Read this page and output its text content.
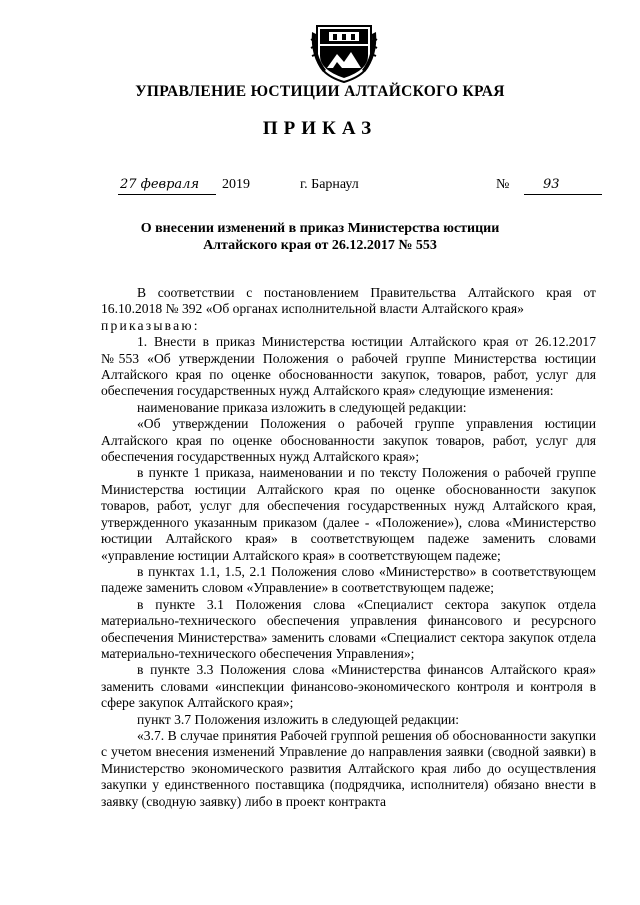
УПРАВЛЕНИЕ ЮСТИЦИИ АЛТАЙСКОГО КРАЯ
ПРИКАЗ
27 февраля 2019	г. Барнаул	№	93
О внесении изменений в приказ Министерства юстиции
Алтайского края от 26.12.2017 № 553

В соответствии с постановлением Правительства Алтайского края от 16.10.2018 № 392 «Об органах исполнительной власти Алтайского края»

приказываю:

1. Внести в приказ Министерства юстиции Алтайского края от 26.12.2017 №553 «Об утверждении Положения о рабочей группе Министерства юстиции Алтайского края по оценке обоснованности закупок, товаров, работ, услуг для обеспечения государственных нужд Алтайского края» следующие изменения:

наименование приказа изложить в следующей редакции:

«Об утверждении Положения о рабочей группе управления юстиции Алтайского края по оценке обоснованности закупок товаров, работ, услуг для обеспечения государственных нужд Алтайского края»;

в пункте 1 приказа, наименовании и по тексту Положения о рабочей группе Министерства юстиции Алтайского края по оценке обоснованности закупок товаров, работ, услуг для обеспечения государственных нужд Алтайского края, утвержденного указанным приказом (далее - «Положение»), слова «Министерство юстиции Алтайского края» в соответствующем падеже заменить словами «управление юстиции Алтайского края» в соответствующем падеже;

в пунктах 1.1, 1.5, 2.1 Положения слово «Министерство» в соответствующем падеже заменить словом «Управление» в соответствующем падеже;

в пункте 3.1 Положения слова «Специалист сектора закупок отдела материально-технического обеспечения управления финансового и ресурсного обеспечения Министерства» заменить словами «Специалист сектора закупок отдела материально-технического обеспечения Управления»;

в пункте 3.3 Положения слова «Министерства финансов Алтайского края» заменить словами «инспекции финансово-экономического контроля и контроля в сфере закупок Алтайского края»;

пункт 3.7 Положения изложить в следующей редакции:

«3.7. В случае принятия Рабочей группой решения об обоснованности закупки с учетом внесения изменений Управление до направления заявки (сводной заявки) в Министерство экономического развития Алтайского края либо до осуществления закупки у единственного поставщика (подрядчика, исполнителя) обязано внести в заявку (сводную заявку) либо в проект контракта
